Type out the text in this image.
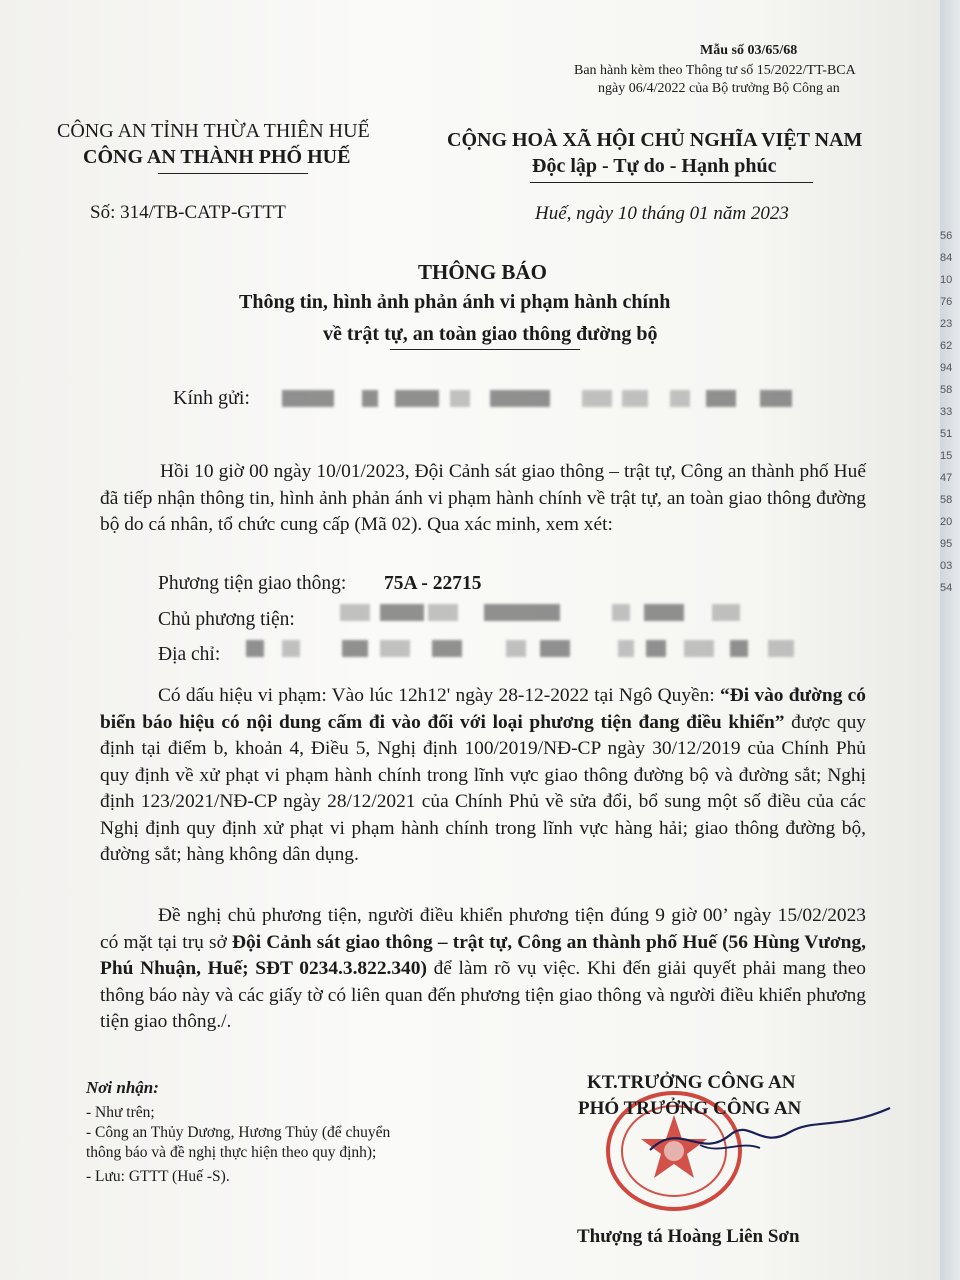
Mẫu số 03/65/68
Ban hành kèm theo Thông tư số 15/2022/TT-BCA
ngày 06/4/2022 của Bộ trưởng Bộ Công an
CÔNG AN TỈNH THỪA THIÊN HUẾ
CÔNG AN THÀNH PHỐ HUẾ
Số: 314/TB-CATP-GTTT
CỘNG HOÀ XÃ HỘI CHỦ NGHĨA VIỆT NAM
Độc lập - Tự do - Hạnh phúc
Huế, ngày 10 tháng 01 năm 2023
THÔNG BÁO
Thông tin, hình ảnh phản ánh vi phạm hành chính
về trật tự, an toàn giao thông đường bộ
Kính gửi:
Hồi 10 giờ 00 ngày 10/01/2023, Đội Cảnh sát giao thông – trật tự, Công an thành phố Huế đã tiếp nhận thông tin, hình ảnh phản ánh vi phạm hành chính về trật tự, an toàn giao thông đường bộ do cá nhân, tổ chức cung cấp (Mã 02). Qua xác minh, xem xét:
Phương tiện giao thông: 75A - 22715
Chủ phương tiện:
Địa chỉ:
Có dấu hiệu vi phạm: Vào lúc 12h12' ngày 28-12-2022 tại Ngô Quyền: “Đi vào đường có biển báo hiệu có nội dung cấm đi vào đối với loại phương tiện đang điều khiển” được quy định tại điểm b, khoản 4, Điều 5, Nghị định 100/2019/NĐ-CP ngày 30/12/2019 của Chính Phủ quy định về xử phạt vi phạm hành chính trong lĩnh vực giao thông đường bộ và đường sắt; Nghị định 123/2021/NĐ-CP ngày 28/12/2021 của Chính Phủ về sửa đổi, bổ sung một số điều của các Nghị định quy định xử phạt vi phạm hành chính trong lĩnh vực hàng hải; giao thông đường bộ, đường sắt; hàng không dân dụng.
Đề nghị chủ phương tiện, người điều khiển phương tiện đúng 9 giờ 00’ ngày 15/02/2023 có mặt tại trụ sở Đội Cảnh sát giao thông – trật tự, Công an thành phố Huế (56 Hùng Vương, Phú Nhuận, Huế; SĐT 0234.3.822.340) để làm rõ vụ việc. Khi đến giải quyết phải mang theo thông báo này và các giấy tờ có liên quan đến phương tiện giao thông và người điều khiển phương tiện giao thông./.
Nơi nhận:
- Như trên;
- Công an Thủy Dương, Hương Thủy (để chuyển
thông báo và đề nghị thực hiện theo quy định);
- Lưu: GTTT (Huế -S).
KT.TRƯỞNG CÔNG AN
PHÓ TRƯỞNG CÔNG AN
Thượng tá Hoàng Liên Sơn
56
84
10
76
23
62
94
58
33
51
15
47
58
20
95
03
54
